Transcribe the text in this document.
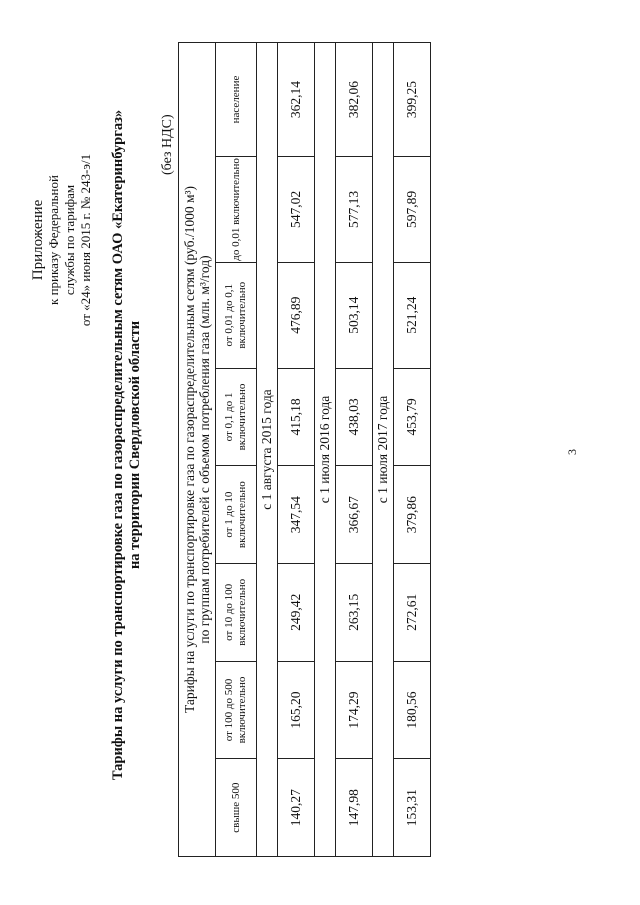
Приложение к приказу Федеральной службы по тарифам от «24» июня 2015 г. № 243-э/1 Тарифы на услуги по транспортировке газа по газораспределительным сетям ОАО «Екатеринбургаз» на территории Свердловской области
(без НДС)
Тарифы на услуги по транспортировке газа по газораспределительным сетям (руб./1000 м³) по группам потребителей с объемом потребления газа (млн. м³/год)							

свыше 500	от 100 до 500 включительно	от 10 до 100 включительно	от 1 до 10 включительно	от 0,1 до 1 включительно	от 0,01 до 0,1 включительно	до 0,01 включительно	население
с 1 августа 2015 года							
140,27	165,20	249,42	347,54	415,18	476,89	547,02	362,14
с 1 июля 2016 года							
147,98	174,29	263,15	366,67	438,03	503,14	577,13	382,06
с 1 июля 2017 года							
153,31	180,56	272,61	379,86	453,79	521,24	597,89	399,25
3
